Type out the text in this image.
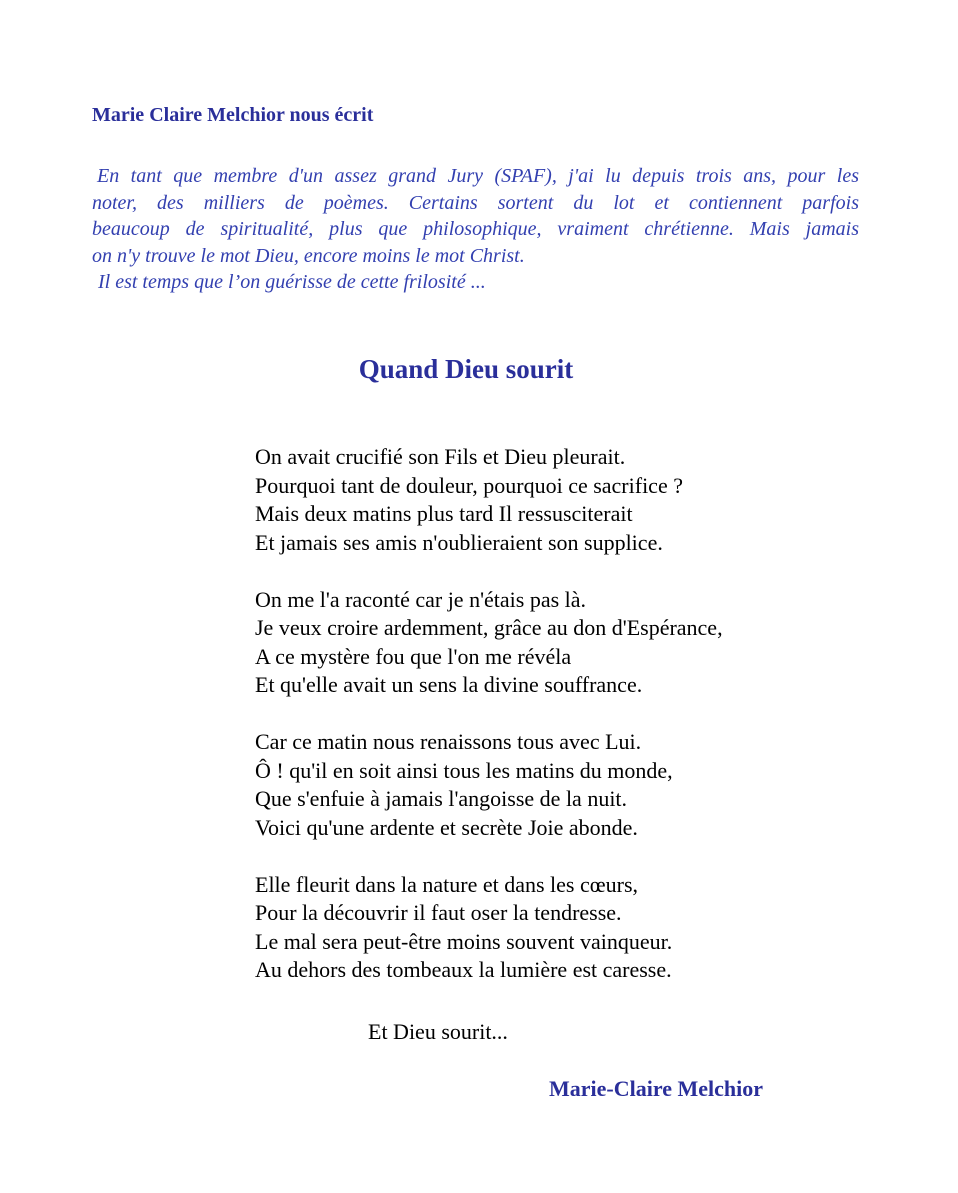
Marie Claire Melchior nous écrit
En tant que membre d'un assez grand Jury (SPAF), j'ai lu depuis trois ans, pour les
noter, des milliers de poèmes. Certains sortent du lot et contiennent parfois
beaucoup de spiritualité, plus que philosophique, vraiment chrétienne. Mais jamais
on n'y trouve le mot Dieu, encore moins le mot Christ.
Il est temps que l’on guérisse de cette frilosité ...
Quand Dieu sourit
On avait crucifié son Fils et Dieu pleurait.
Pourquoi tant de douleur, pourquoi ce sacrifice ?
Mais deux matins plus tard Il ressusciterait
Et jamais ses amis n'oublieraient son supplice.
On me l'a raconté car je n'étais pas là.
Je veux croire ardemment, grâce au don d'Espérance,
A ce mystère fou que l'on me révéla
Et qu'elle avait un sens la divine souffrance.
Car ce matin nous renaissons tous avec Lui.
Ô ! qu'il en soit ainsi tous les matins du monde,
Que s'enfuie à jamais l'angoisse de la nuit.
Voici qu'une ardente et secrète Joie abonde.
Elle fleurit dans la nature et dans les cœurs,
Pour la découvrir il faut oser la tendresse.
Le mal sera peut-être moins souvent vainqueur.
Au dehors des tombeaux la lumière est caresse.
Et Dieu sourit...
Marie-Claire Melchior
